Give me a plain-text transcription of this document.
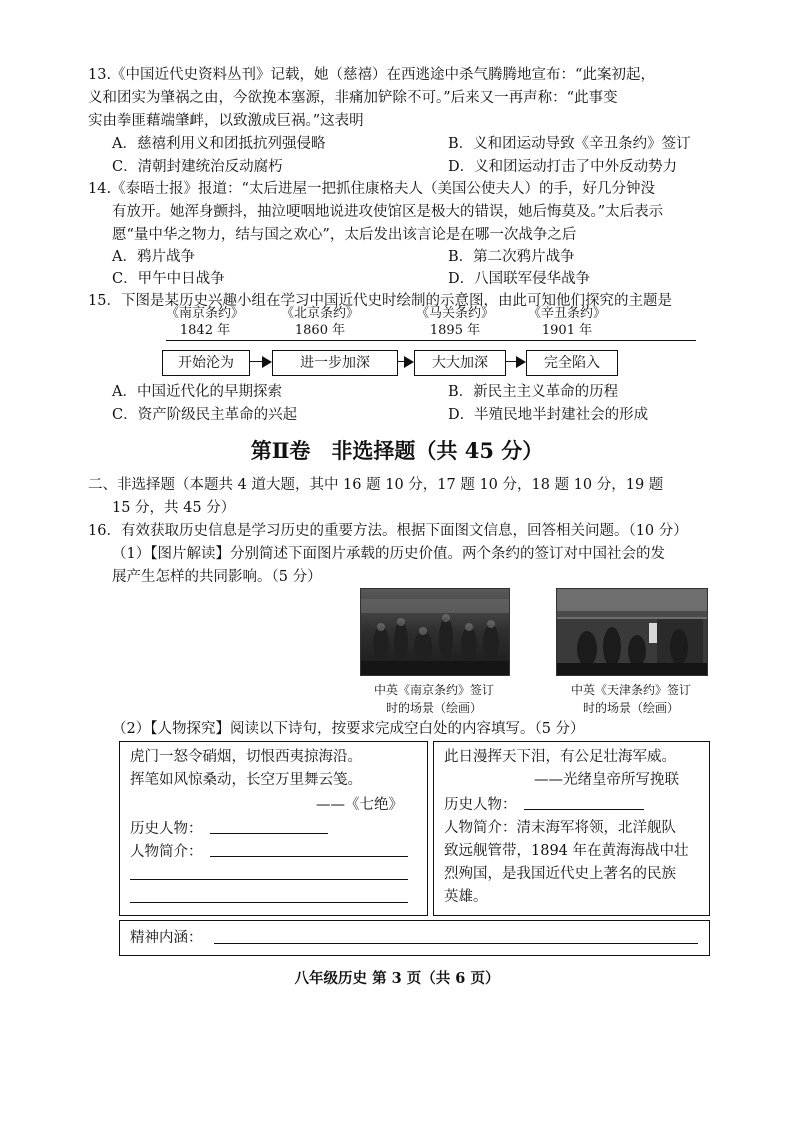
13.《中国近代史资料丛刊》记载，她（慈禧）在西逃途中杀气腾腾地宣布：“此案初起，
义和团实为肇祸之由，今欲挽本塞源，非痛加铲除不可。”后来又一再声称：“此事变
实由拳匪藉端肇衅，以致激成巨祸。”这表明
A．慈禧利用义和团抵抗列强侵略	B．义和团运动导致《辛丑条约》签订
C．清朝封建统治反动腐朽	D．义和团运动打击了中外反动势力
14.《泰晤士报》报道：“太后进屋一把抓住康格夫人（美国公使夫人）的手，好几分钟没
有放开。她浑身颤抖，抽泣哽咽地说进攻使馆区是极大的错误，她后悔莫及。”太后表示
愿“量中华之物力，结与国之欢心”，太后发出该言论是在哪一次战争之后
A．鸦片战争	B．第二次鸦片战争
C．甲午中日战争	D．八国联军侵华战争
15．下图是某历史兴趣小组在学习中国近代史时绘制的示意图，由此可知他们探究的主题是
《南京条约》
1842 年
《北京条约》
1860 年
《马关条约》
1895 年
《辛丑条约》
1901 年
开始沦为	进一步加深	大大加深	完全陷入
A．中国近代化的早期探索	B．新民主主义革命的历程
C．资产阶级民主革命的兴起	D．半殖民地半封建社会的形成
第Ⅱ卷　非选择题（共 45 分）
二、非选择题（本题共 4 道大题，其中 16 题 10 分，17 题 10 分，18 题 10 分，19 题
15 分，共 45 分）
16．有效获取历史信息是学习历史的重要方法。根据下面图文信息，回答相关问题。（10 分）
（1）【图片解读】分别简述下面图片承载的历史价值。两个条约的签订对中国社会的发
展产生怎样的共同影响。（5 分）
中英《南京条约》签订
时的场景（绘画）
中英《天津条约》签订
时的场景（绘画）
（2）【人物探究】阅读以下诗句，按要求完成空白处的内容填写。（5 分）
虎门一怒令硝烟，切恨西夷掠海沿。
挥笔如风惊桑动，长空万里舞云笺。
——《七绝》
历史人物：
人物简介：
此日漫挥天下泪，有公足壮海军威。
——光绪皇帝所写挽联
历史人物：
人物简介：清末海军将领，北洋舰队
致远舰管带，1894 年在黄海海战中壮
烈殉国，是我国近代史上著名的民族
英雄。
精神内涵：
八年级历史 第 3 页（共 6 页）
